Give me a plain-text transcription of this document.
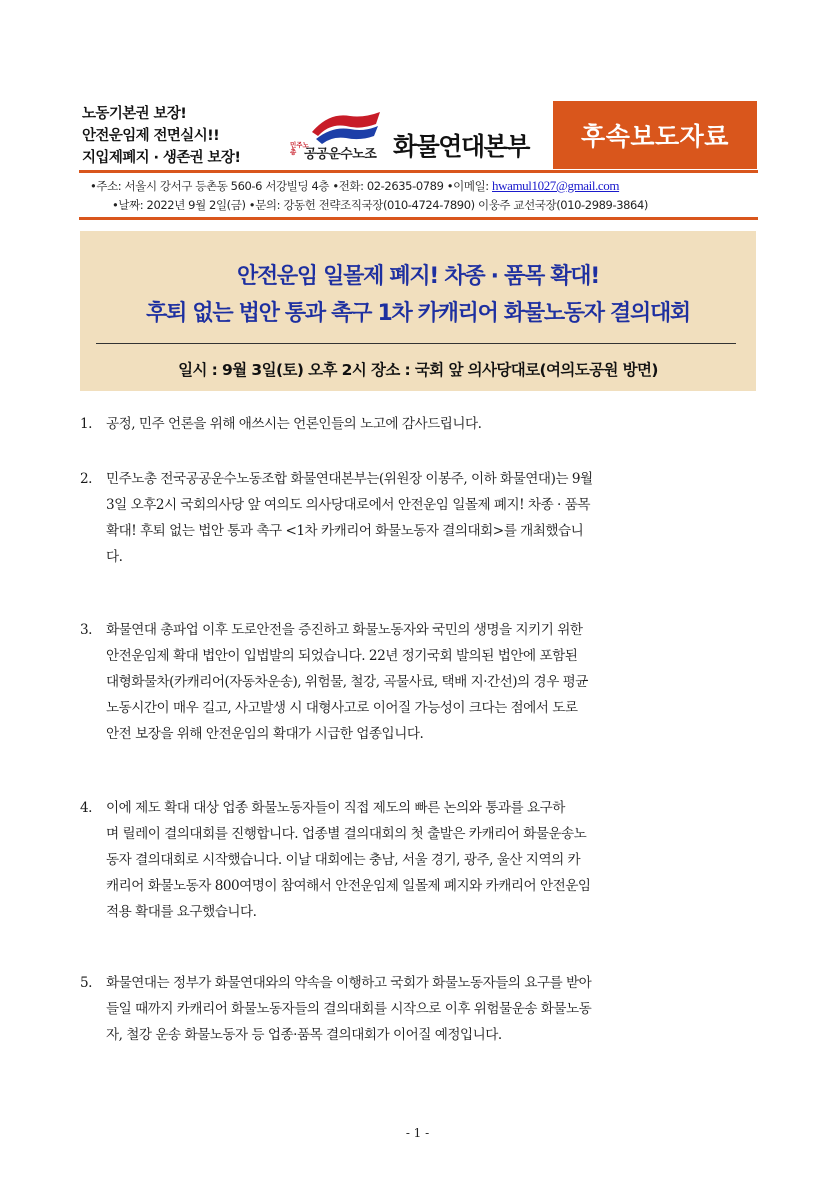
노동기본권 보장!
안전운임제 전면실시!!
지입제폐지 · 생존권 보장!
민주노총 공공운수노조 화물연대본부	후속보도자료
•주소: 서울시 강서구 등촌동 560-6 서강빌딩 4층 •전화: 02-2635-0789 •이메일: hwamul1027@gmail.com
•날짜: 2022년 9월 2일(금) •문의: 강동헌 전략조직국장(010-4724-7890) 이웅주 교선국장(010-2989-3864)
안전운임 일몰제 폐지! 차종 · 품목 확대!
후퇴 없는 법안 통과 촉구 1차 카캐리어 화물노동자 결의대회
일시 : 9월 3일(토) 오후 2시 장소 : 국회 앞 의사당대로(여의도공원 방면)
1.	공정, 민주 언론을 위해 애쓰시는 언론인들의 노고에 감사드립니다.
2.	민주노총 전국공공운수노동조합 화물연대본부는(위원장 이봉주, 이하 화물연대)는 9월
3일 오후2시 국회의사당 앞 여의도 의사당대로에서 안전운임 일몰제 폐지! 차종 · 품목
확대! 후퇴 없는 법안 통과 촉구 <1차 카캐리어 화물노동자 결의대회>를 개최했습니
다.
3.	화물연대 총파업 이후 도로안전을 증진하고 화물노동자와 국민의 생명을 지키기 위한
안전운임제 확대 법안이 입법발의 되었습니다. 22년 정기국회 발의된 법안에 포함된
대형화물차(카캐리어(자동차운송), 위험물, 철강, 곡물사료, 택배 지·간선)의 경우 평균
노동시간이 매우 길고, 사고발생 시 대형사고로 이어질 가능성이 크다는 점에서 도로
안전 보장을 위해 안전운임의 확대가 시급한 업종입니다.
4.	이에 제도 확대 대상 업종 화물노동자들이 직접 제도의 빠른 논의와 통과를 요구하
며 릴레이 결의대회를 진행합니다. 업종별 결의대회의 첫 출발은 카캐리어 화물운송노
동자 결의대회로 시작했습니다. 이날 대회에는 충남, 서울 경기, 광주, 울산 지역의 카
캐리어 화물노동자 800여명이 참여해서 안전운임제 일몰제 폐지와 카캐리어 안전운임
적용 확대를 요구했습니다.
5.	화물연대는 정부가 화물연대와의 약속을 이행하고 국회가 화물노동자들의 요구를 받아
들일 때까지 카캐리어 화물노동자들의 결의대회를 시작으로 이후 위험물운송 화물노동
자, 철강 운송 화물노동자 등 업종·품목 결의대회가 이어질 예정입니다.
- 1 -
